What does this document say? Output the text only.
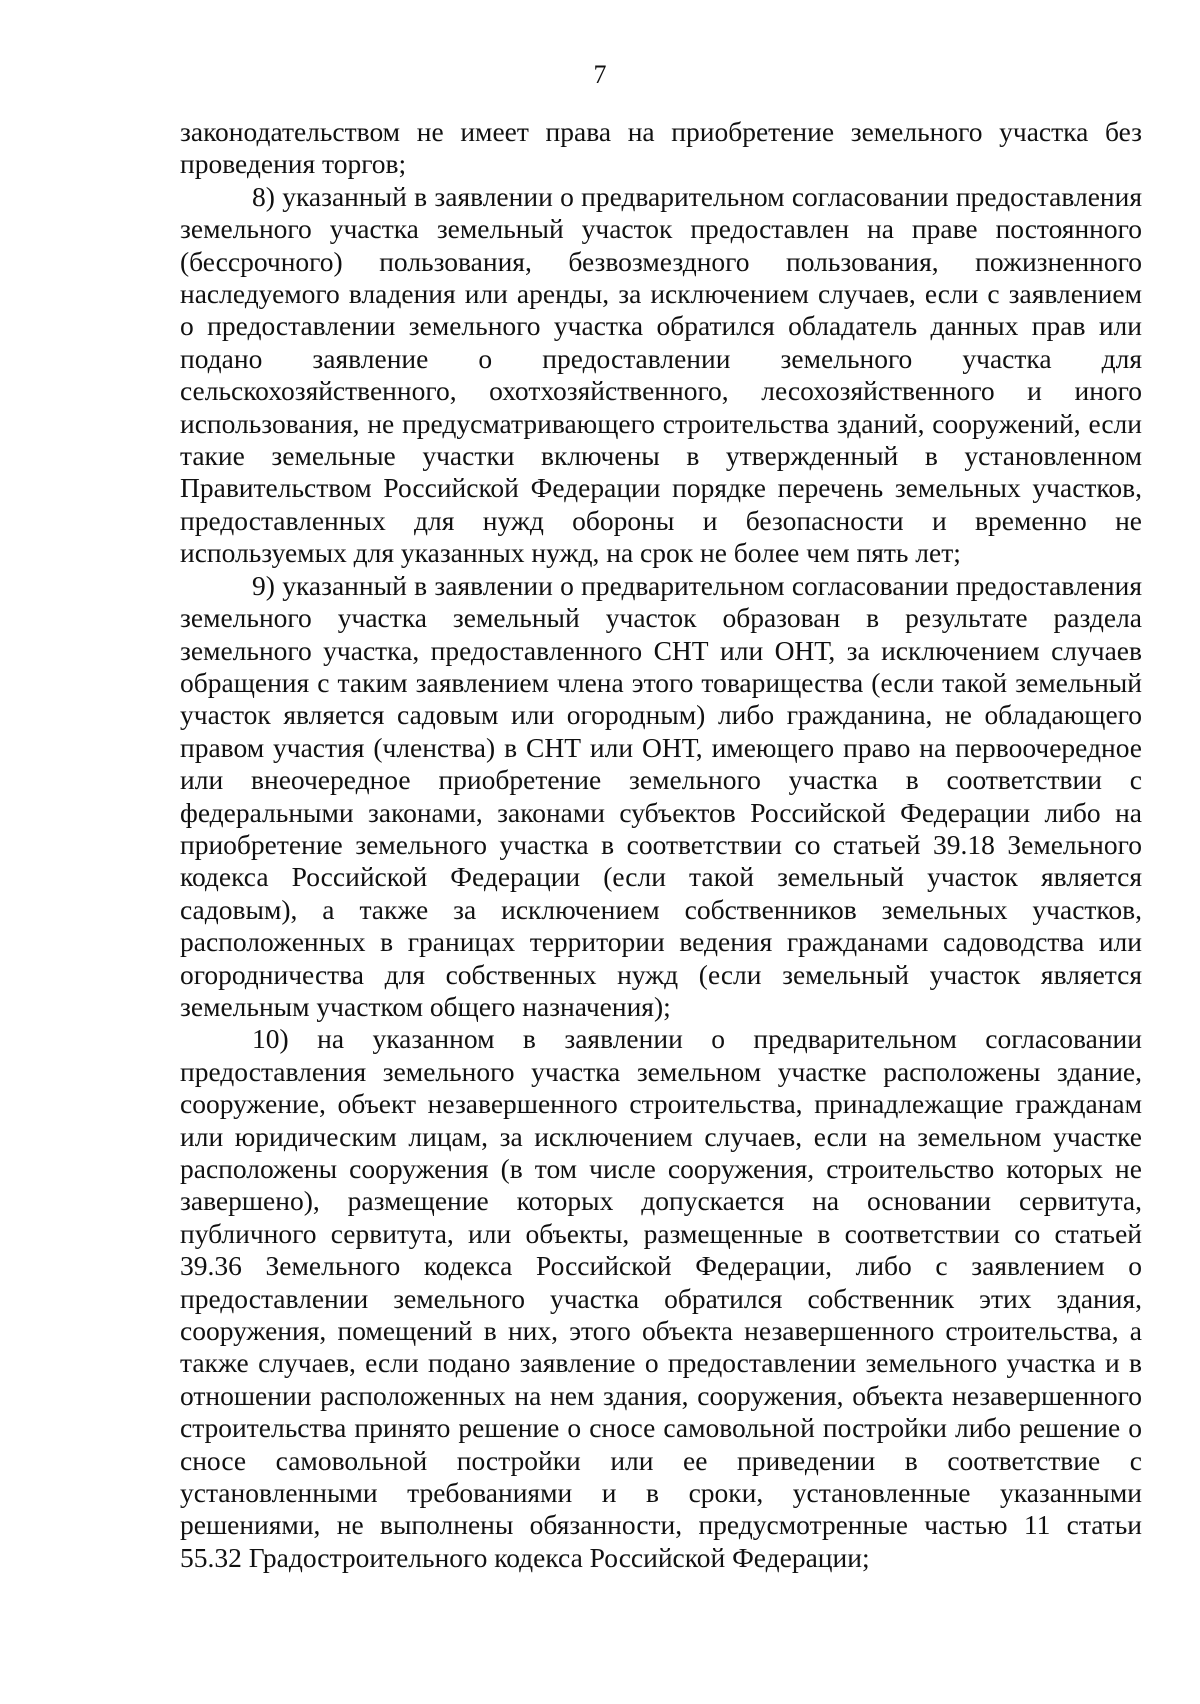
7

законодательством не имеет права на приобретение земельного участка без проведения торгов;

8) указанный в заявлении о предварительном согласовании предоставления земельного участка земельный участок предоставлен на праве постоянного (бессрочного) пользования, безвозмездного пользования, пожизненного наследуемого владения или аренды, за исключением случаев, если с заявлением о предоставлении земельного участка обратился обладатель данных прав или подано заявление о предоставлении земельного участка для сельскохозяйственного, охотхозяйственного, лесохозяйственного и иного использования, не предусматривающего строительства зданий, сооружений, если такие земельные участки включены в утвержденный в установленном Правительством Российской Федерации порядке перечень земельных участков, предоставленных для нужд обороны и безопасности и временно не используемых для указанных нужд, на срок не более чем пять лет;

9) указанный в заявлении о предварительном согласовании предоставления земельного участка земельный участок образован в результате раздела земельного участка, предоставленного СНТ или ОНТ, за исключением случаев обращения с таким заявлением члена этого товарищества (если такой земельный участок является садовым или огородным) либо гражданина, не обладающего правом участия (членства) в СНТ или ОНТ, имеющего право на первоочередное или внеочередное приобретение земельного участка в соответствии с федеральными законами, законами субъектов Российской Федерации либо на приобретение земельного участка в соответствии со статьей 39.18 Земельного кодекса Российской Федерации (если такой земельный участок является садовым), а также за исключением собственников земельных участков, расположенных в границах территории ведения гражданами садоводства или огородничества для собственных нужд (если земельный участок является земельным участком общего назначения);

10) на указанном в заявлении о предварительном согласовании предоставления земельного участка земельном участке расположены здание, сооружение, объект незавершенного строительства, принадлежащие гражданам или юридическим лицам, за исключением случаев, если на земельном участке расположены сооружения (в том числе сооружения, строительство которых не завершено), размещение которых допускается на основании сервитута, публичного сервитута, или объекты, размещенные в соответствии со статьей 39.36 Земельного кодекса Российской Федерации, либо с заявлением о предоставлении земельного участка обратился собственник этих здания, сооружения, помещений в них, этого объекта незавершенного строительства, а также случаев, если подано заявление о предоставлении земельного участка и в отношении расположенных на нем здания, сооружения, объекта незавершенного строительства принято решение о сносе самовольной постройки либо решение о сносе самовольной постройки или ее приведении в соответствие с установленными требованиями и в сроки, установленные указанными решениями, не выполнены обязанности, предусмотренные частью 11 статьи 55.32 Градостроительного кодекса Российской Федерации;
